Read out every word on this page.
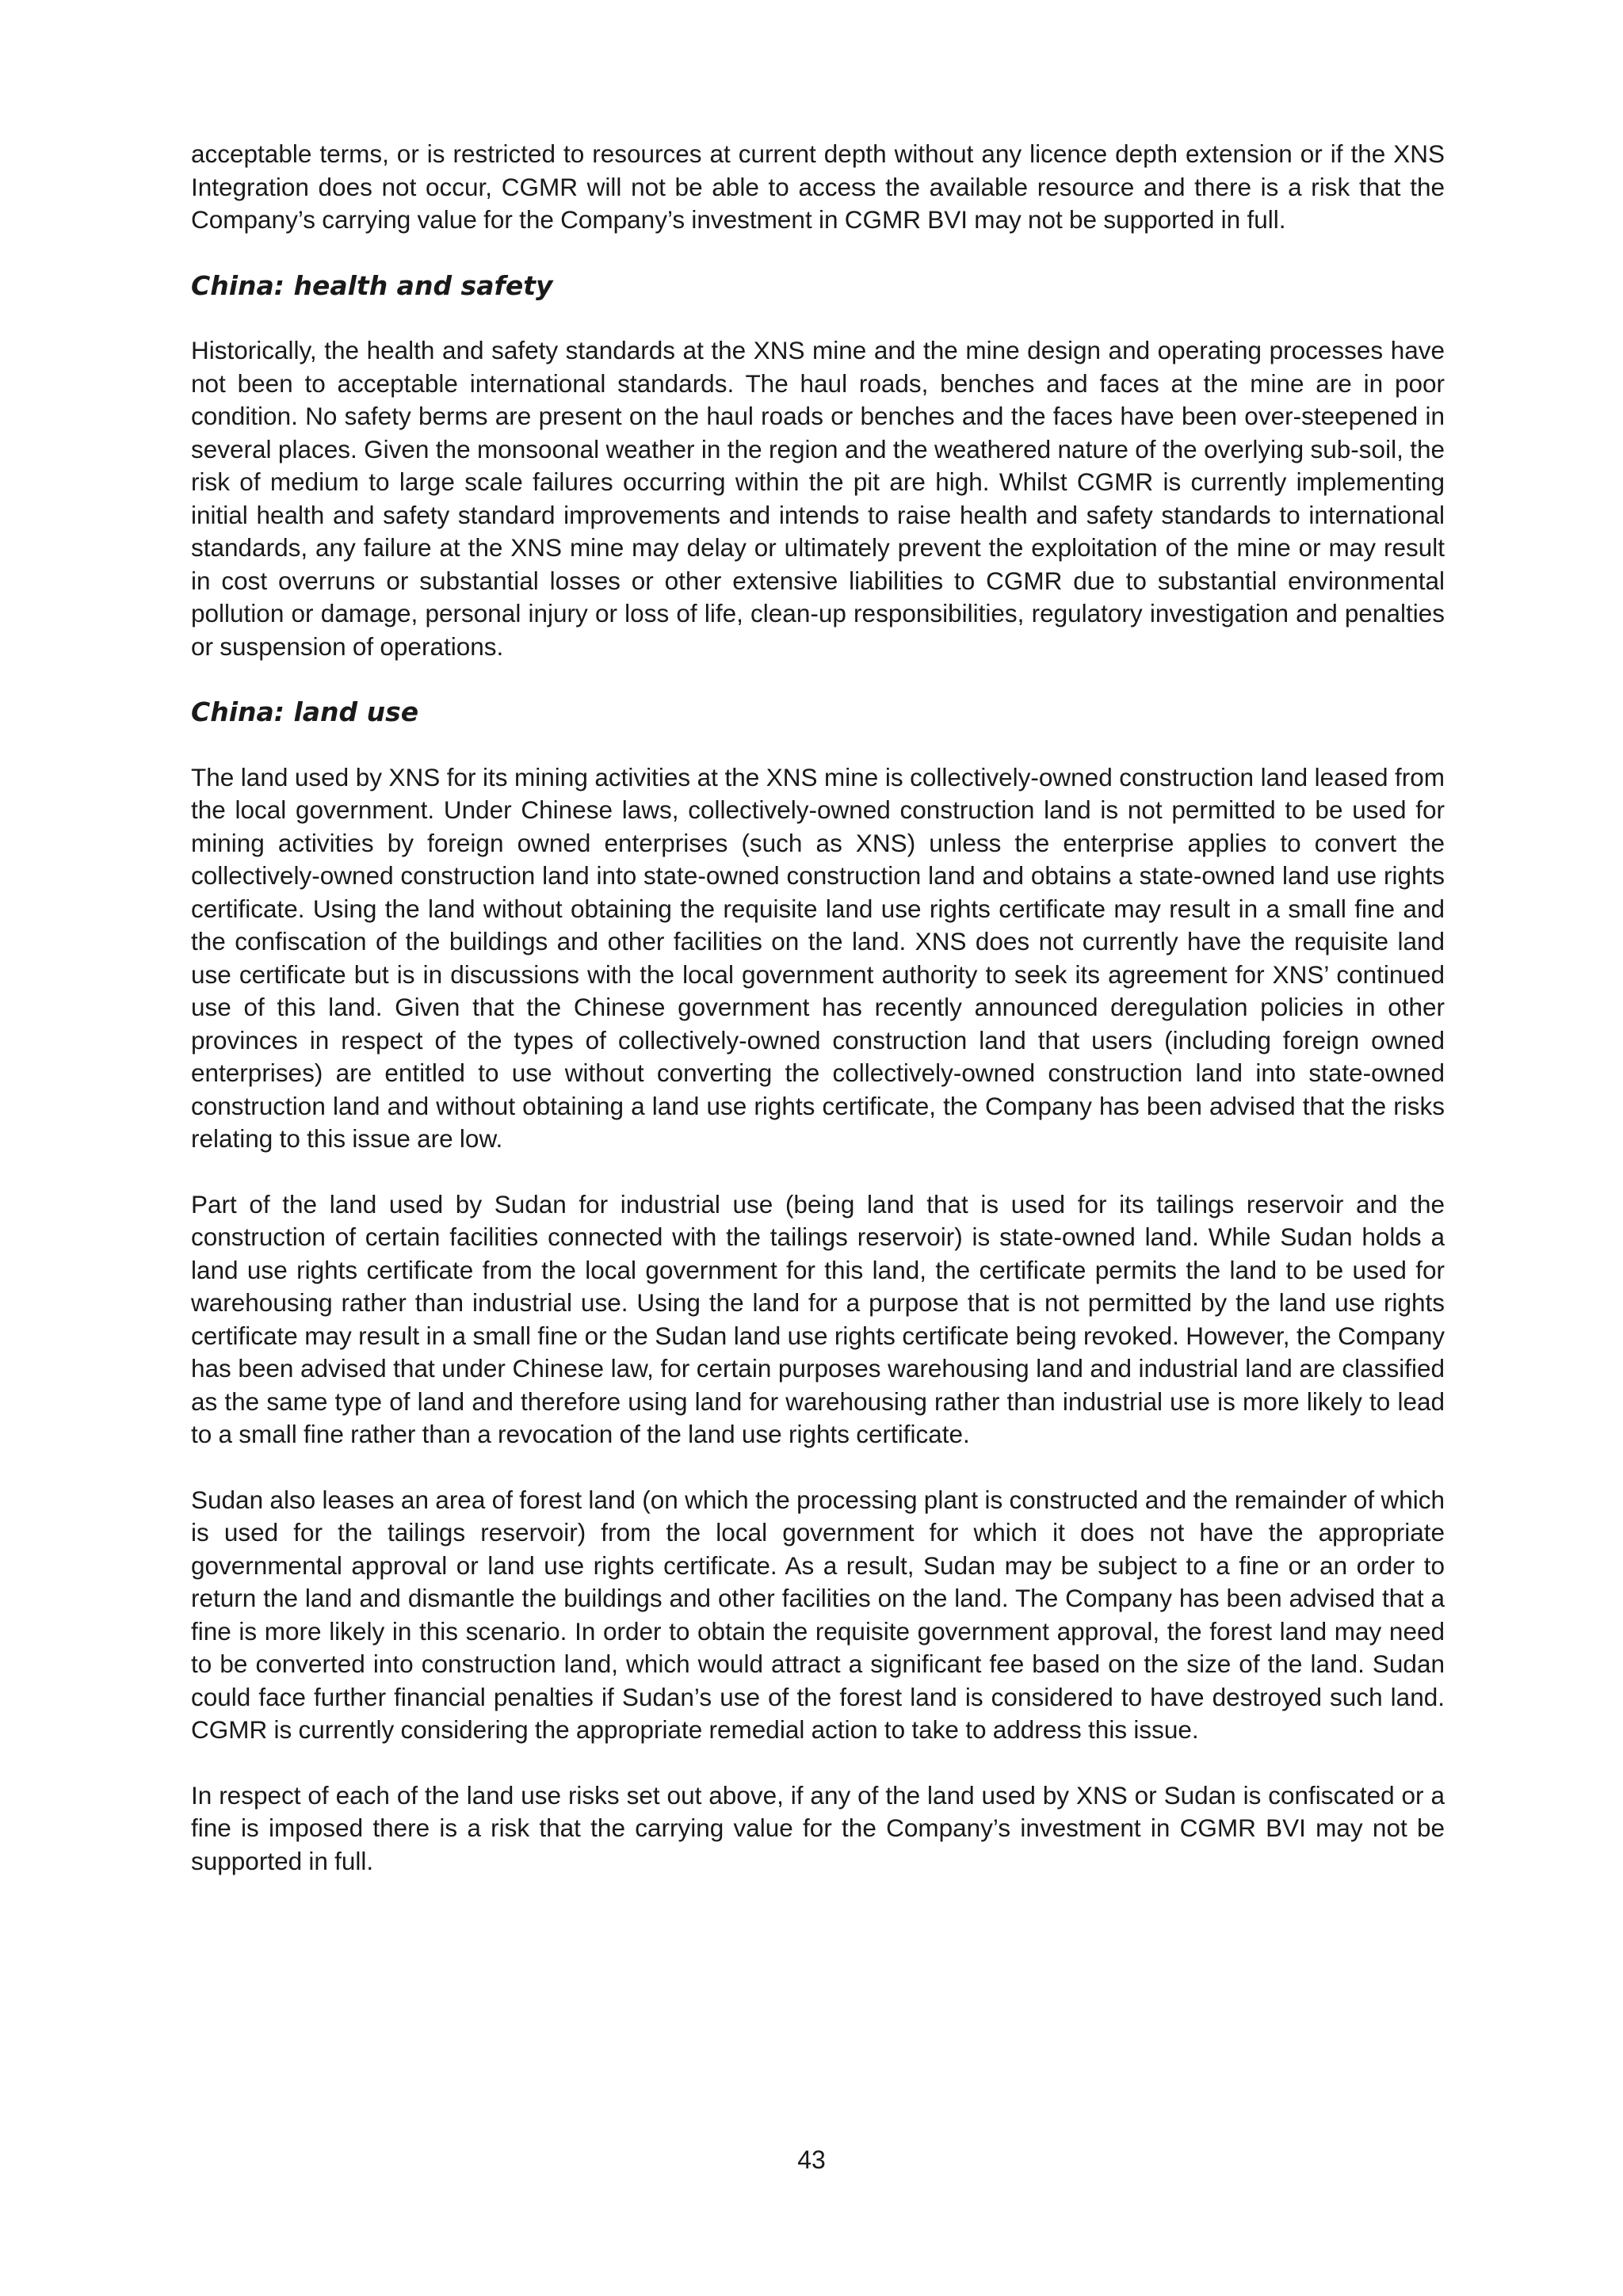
acceptable terms, or is restricted to resources at current depth without any licence depth extension or if the XNS Integration does not occur, CGMR will not be able to access the available resource and there is a risk that the Company’s carrying value for the Company’s investment in CGMR BVI may not be supported in full.

China: health and safety

Historically, the health and safety standards at the XNS mine and the mine design and operating processes have not been to acceptable international standards. The haul roads, benches and faces at the mine are in poor condition. No safety berms are present on the haul roads or benches and the faces have been over-steepened in several places. Given the monsoonal weather in the region and the weathered nature of the overlying sub-soil, the risk of medium to large scale failures occurring within the pit are high. Whilst CGMR is currently implementing initial health and safety standard improvements and intends to raise health and safety standards to international standards, any failure at the XNS mine may delay or ultimately prevent the exploitation of the mine or may result in cost overruns or substantial losses or other extensive liabilities to CGMR due to substantial environmental pollution or damage, personal injury or loss of life, clean-up responsibilities, regulatory investigation and penalties or suspension of operations.

China: land use

The land used by XNS for its mining activities at the XNS mine is collectively-owned construction land leased from the local government. Under Chinese laws, collectively-owned construction land is not permitted to be used for mining activities by foreign owned enterprises (such as XNS) unless the enterprise applies to convert the collectively-owned construction land into state-owned construction land and obtains a state-owned land use rights certificate. Using the land without obtaining the requisite land use rights certificate may result in a small fine and the confiscation of the buildings and other facilities on the land. XNS does not currently have the requisite land use certificate but is in discussions with the local government authority to seek its agreement for XNS’ continued use of this land. Given that the Chinese government has recently announced deregulation policies in other provinces in respect of the types of collectively-owned construction land that users (including foreign owned enterprises) are entitled to use without converting the collectively-owned construction land into state-owned construction land and without obtaining a land use rights certificate, the Company has been advised that the risks relating to this issue are low.

Part of the land used by Sudan for industrial use (being land that is used for its tailings reservoir and the construction of certain facilities connected with the tailings reservoir) is state-owned land. While Sudan holds a land use rights certificate from the local government for this land, the certificate permits the land to be used for warehousing rather than industrial use. Using the land for a purpose that is not permitted by the land use rights certificate may result in a small fine or the Sudan land use rights certificate being revoked. However, the Company has been advised that under Chinese law, for certain purposes warehousing land and industrial land are classified as the same type of land and therefore using land for warehousing rather than industrial use is more likely to lead to a small fine rather than a revocation of the land use rights certificate.

Sudan also leases an area of forest land (on which the processing plant is constructed and the remainder of which is used for the tailings reservoir) from the local government for which it does not have the appropriate governmental approval or land use rights certificate. As a result, Sudan may be subject to a fine or an order to return the land and dismantle the buildings and other facilities on the land. The Company has been advised that a fine is more likely in this scenario. In order to obtain the requisite government approval, the forest land may need to be converted into construction land, which would attract a significant fee based on the size of the land. Sudan could face further financial penalties if Sudan’s use of the forest land is considered to have destroyed such land. CGMR is currently considering the appropriate remedial action to take to address this issue.

In respect of each of the land use risks set out above, if any of the land used by XNS or Sudan is confiscated or a fine is imposed there is a risk that the carrying value for the Company’s investment in CGMR BVI may not be supported in full.

43
